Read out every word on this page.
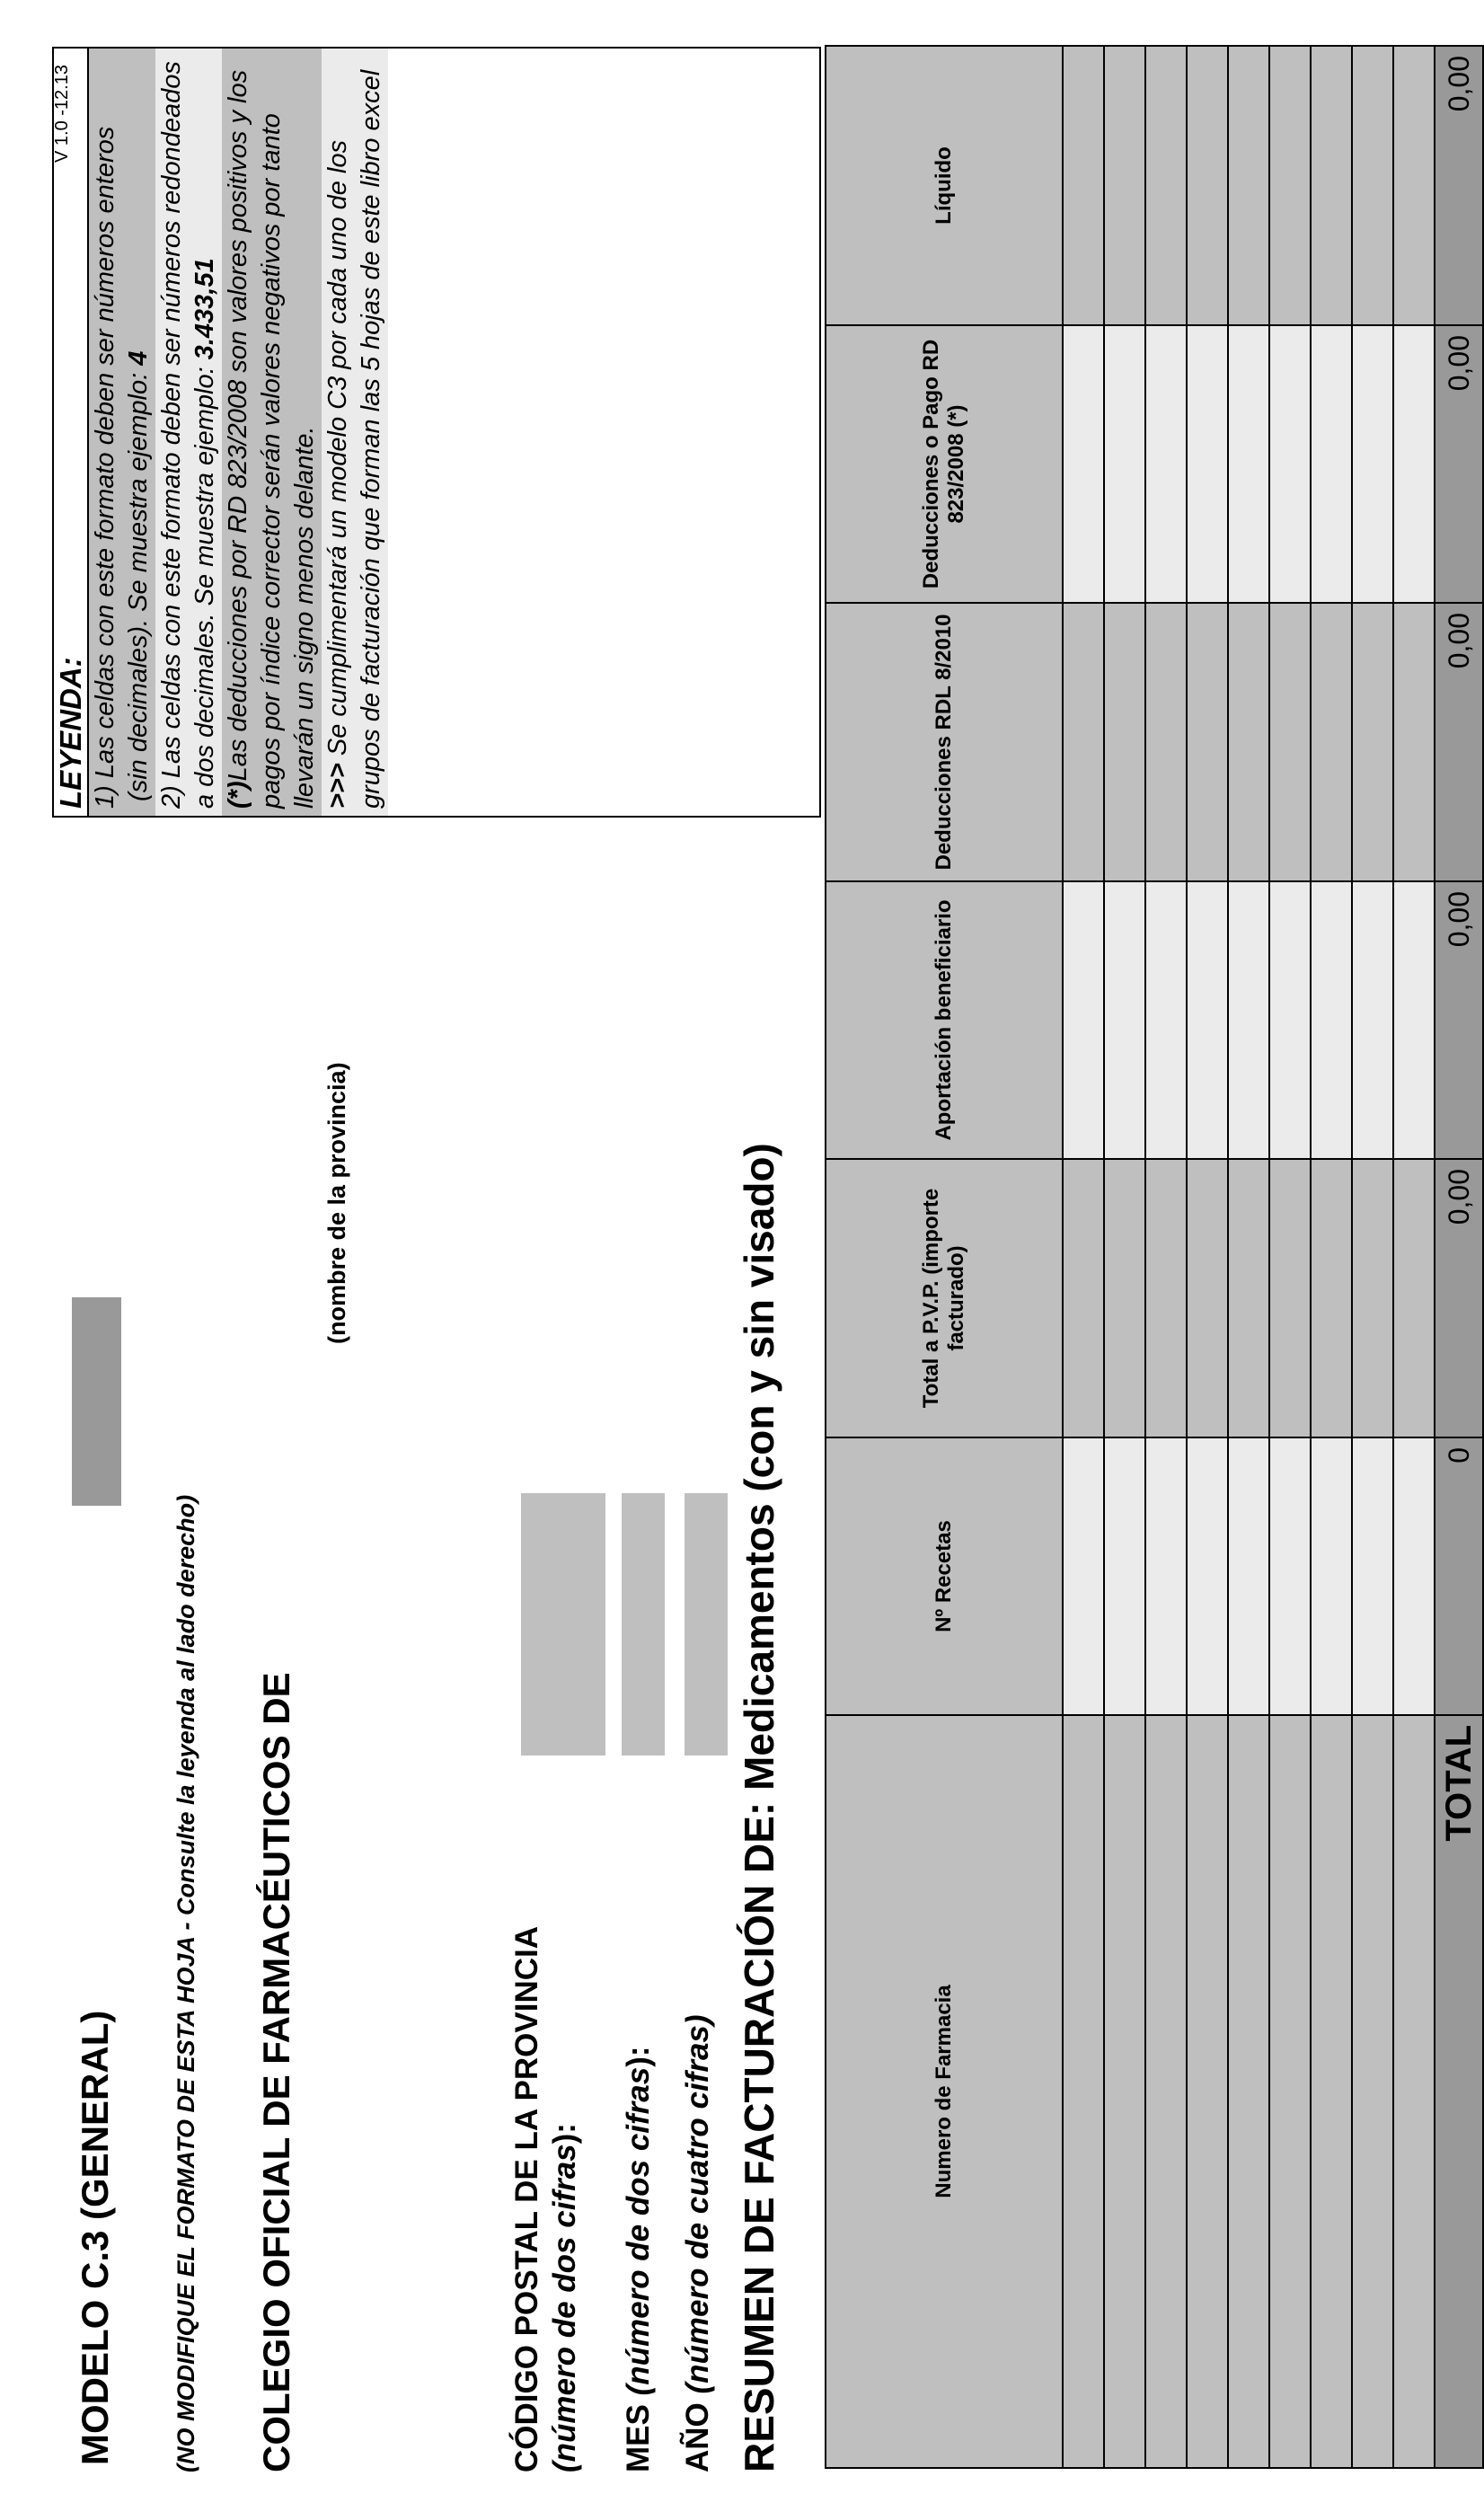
MODELO C.3 (GENERAL)
V 1.0 -12.13
(NO MODIFIQUE EL FORMATO DE ESTA HOJA - Consulte la leyenda al lado derecho) COLEGIO OFICIAL DE FARMACÉUTICOS DE
(nombre de la provincia)
CÓDIGO POSTAL DE LA PROVINCIA
(número de dos cifras):
MES (número de dos cifras):
AÑO (número de cuatro cifras) RESUMEN DE FACTURACIÓN DE: Medicamentos (con y sin visado)
LEYENDA: 1) Las celdas con este formato deben ser números enteros (sin decimales). Se muestra ejemplo: 4 2) Las celdas con este formato deben ser números redondeados a dos decimales. Se muestra ejemplo: 3.433,51
(*)Las deducciones por RD 823/2008 son valores positivos y los pagos por índice corrector serán valores negativos por tanto llevarán un signo menos delante. >>> Se cumplimentará un modelo C3 por cada uno de los grupos de facturación que forman las 5 hojas de este libro excel
Numero de Farmacia	Nº Recetas	Total a P.V.P. (importe facturado)	Aportación beneficiario	Deducciones RDL 8/2010	Deducciones o Pago RD 823/2008 (*)	Líquido

TOTAL	0	0,00	0,00	0,00	0,00	0,00
